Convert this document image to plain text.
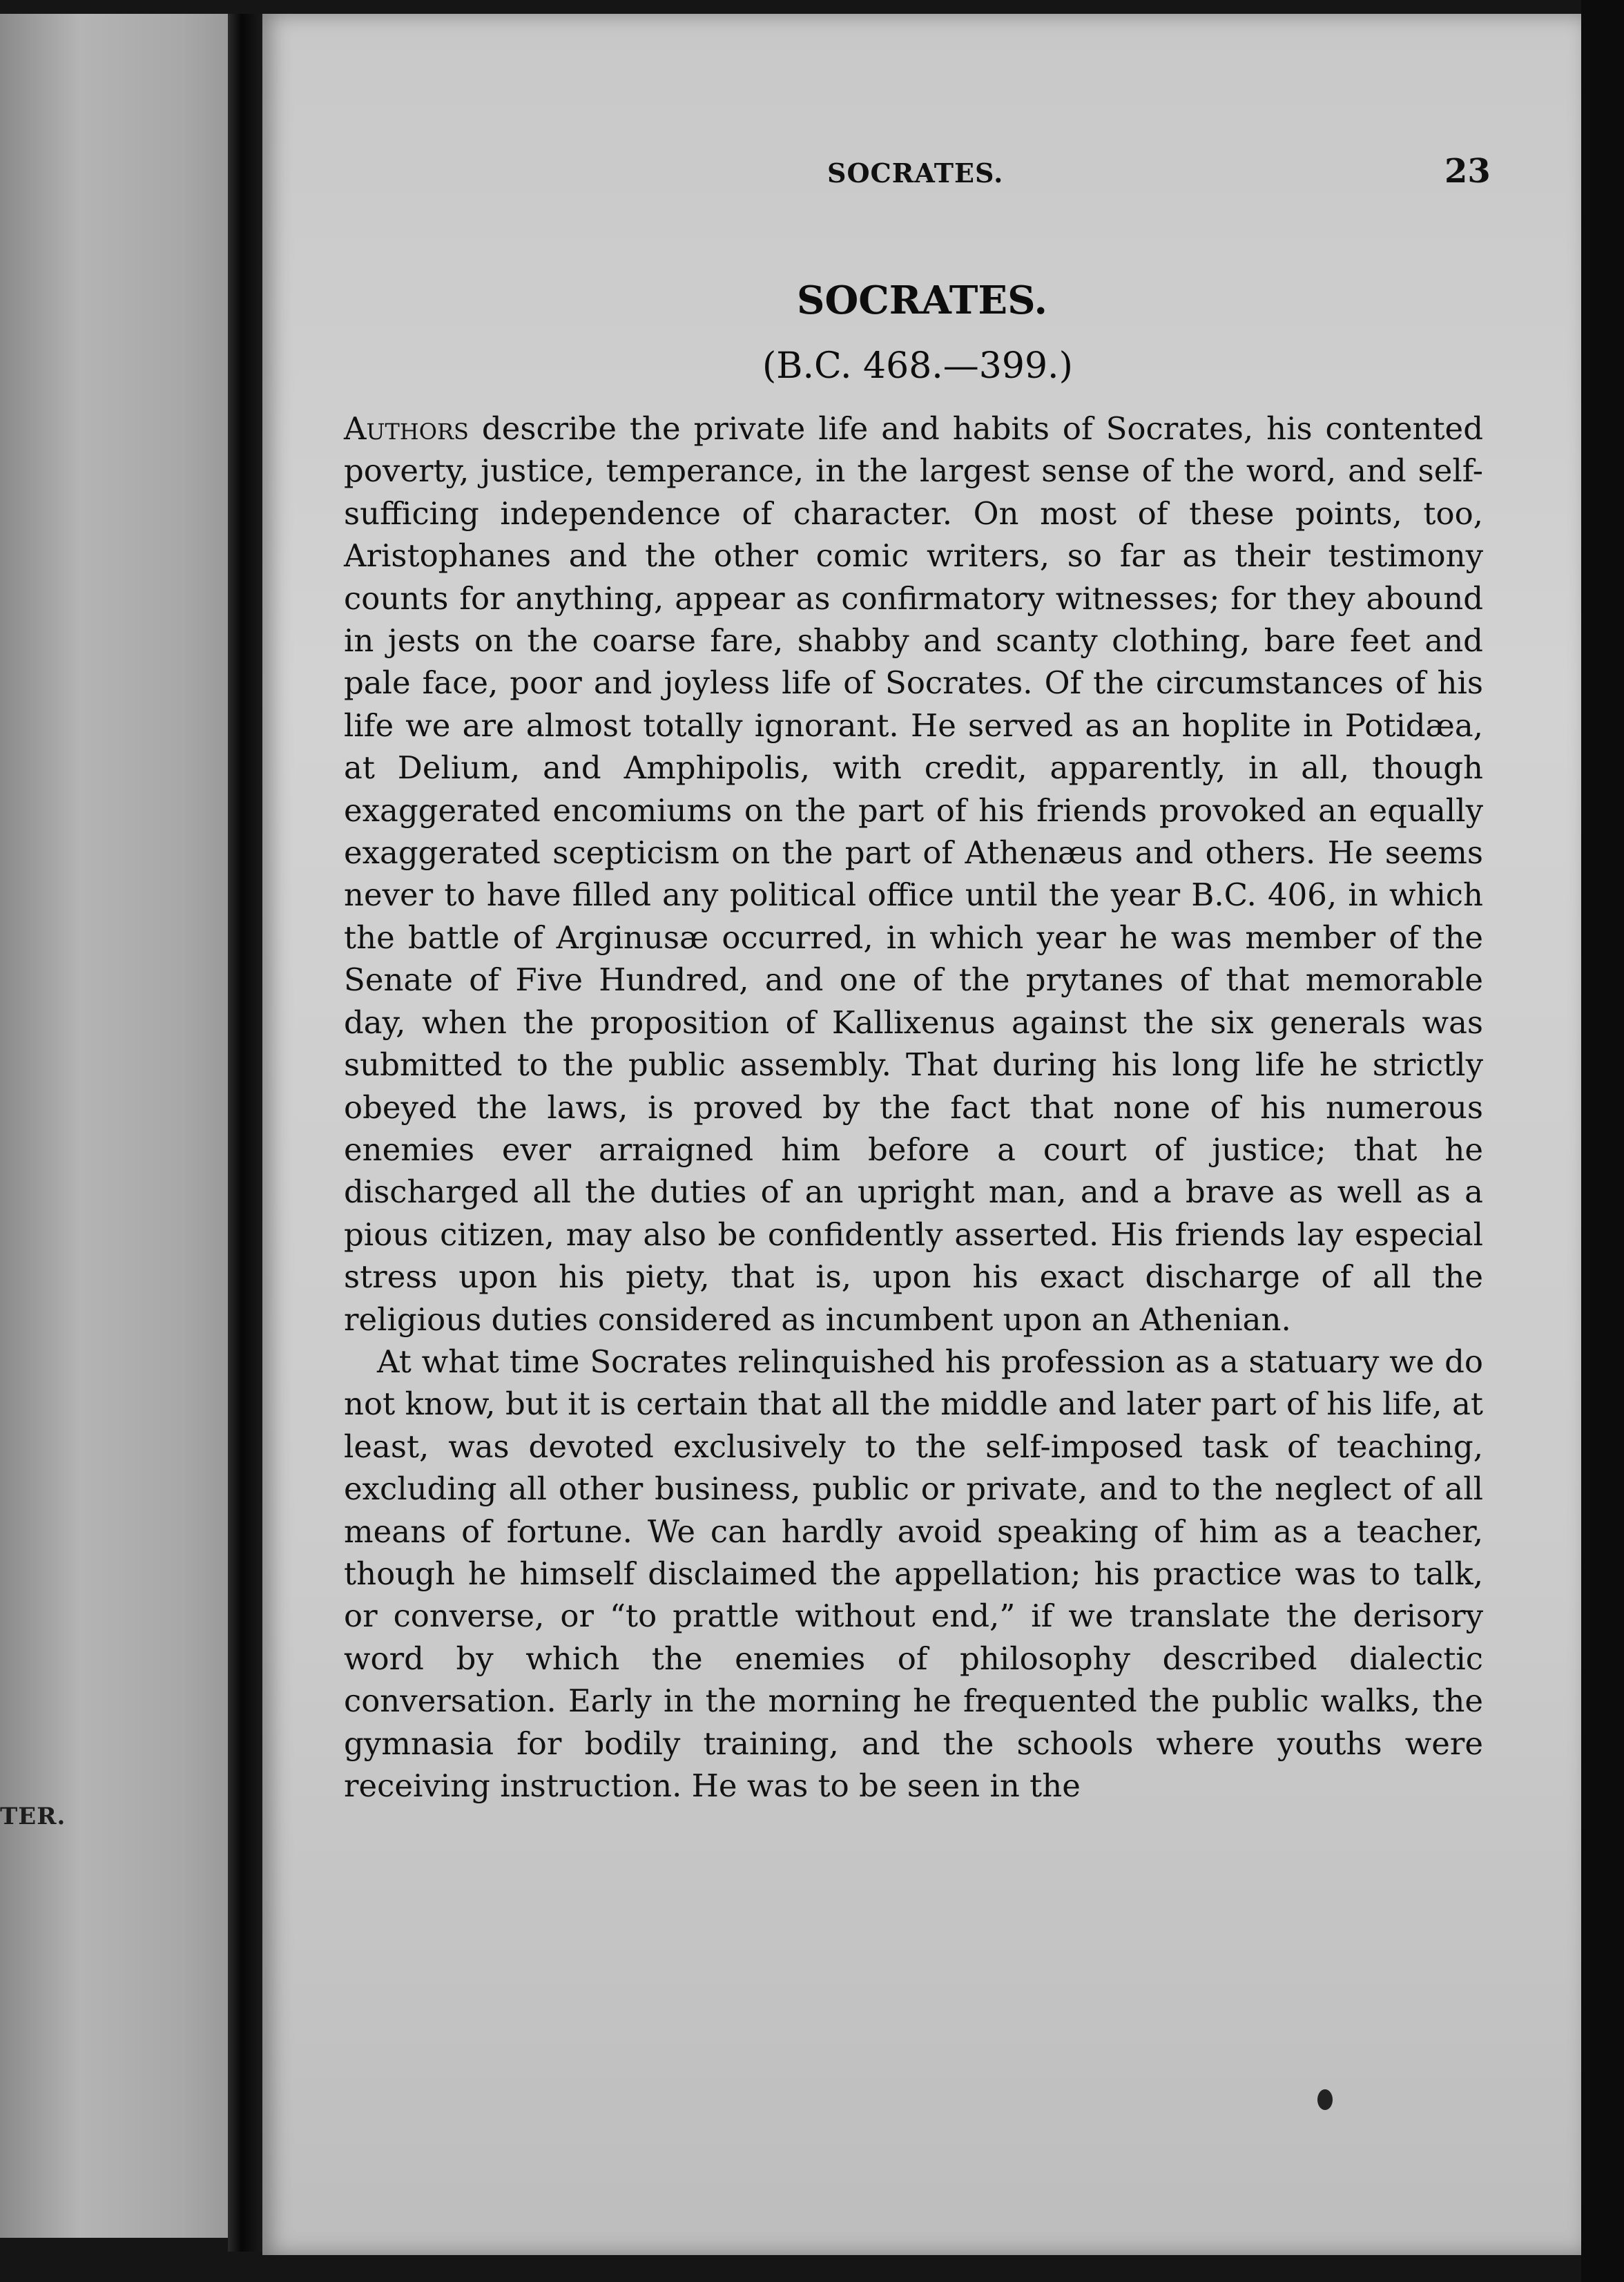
TER.
SOCRATES.	23
SOCRATES.
(B.C. 468.—399.)

Authors describe the private life and habits of Socrates, his contented poverty, justice, temperance, in the largest sense of the word, and self-sufficing independence of character. On most of these points, too, Aristophanes and the other comic writers, so far as their testimony counts for anything, appear as confirmatory witnesses; for they abound in jests on the coarse fare, shabby and scanty clothing, bare feet and pale face, poor and joyless life of Socrates. Of the circumstances of his life we are almost totally ignorant. He served as an hoplite in Potidæa, at Delium, and Amphipolis, with credit, apparently, in all, though exaggerated encomiums on the part of his friends provoked an equally exaggerated scepticism on the part of Athenæus and others. He seems never to have filled any political office until the year B.C. 406, in which the battle of Arginusæ occurred, in which year he was member of the Senate of Five Hundred, and one of the prytanes of that memorable day, when the proposition of Kallixenus against the six generals was submitted to the public assembly. That during his long life he strictly obeyed the laws, is proved by the fact that none of his numerous enemies ever arraigned him before a court of justice; that he discharged all the duties of an upright man, and a brave as well as a pious citizen, may also be confidently asserted. His friends lay especial stress upon his piety, that is, upon his exact discharge of all the religious duties considered as incumbent upon an Athenian.

At what time Socrates relinquished his profession as a statuary we do not know, but it is certain that all the middle and later part of his life, at least, was devoted exclusively to the self-imposed task of teaching, excluding all other business, public or private, and to the neglect of all means of fortune. We can hardly avoid speaking of him as a teacher, though he himself disclaimed the appellation; his practice was to talk, or converse, or “to prattle without end,” if we translate the derisory word by which the enemies of philosophy described dialectic conversation. Early in the morning he frequented the public walks, the gymnasia for bodily training, and the schools where youths were receiving instruction. He was to be seen in the
